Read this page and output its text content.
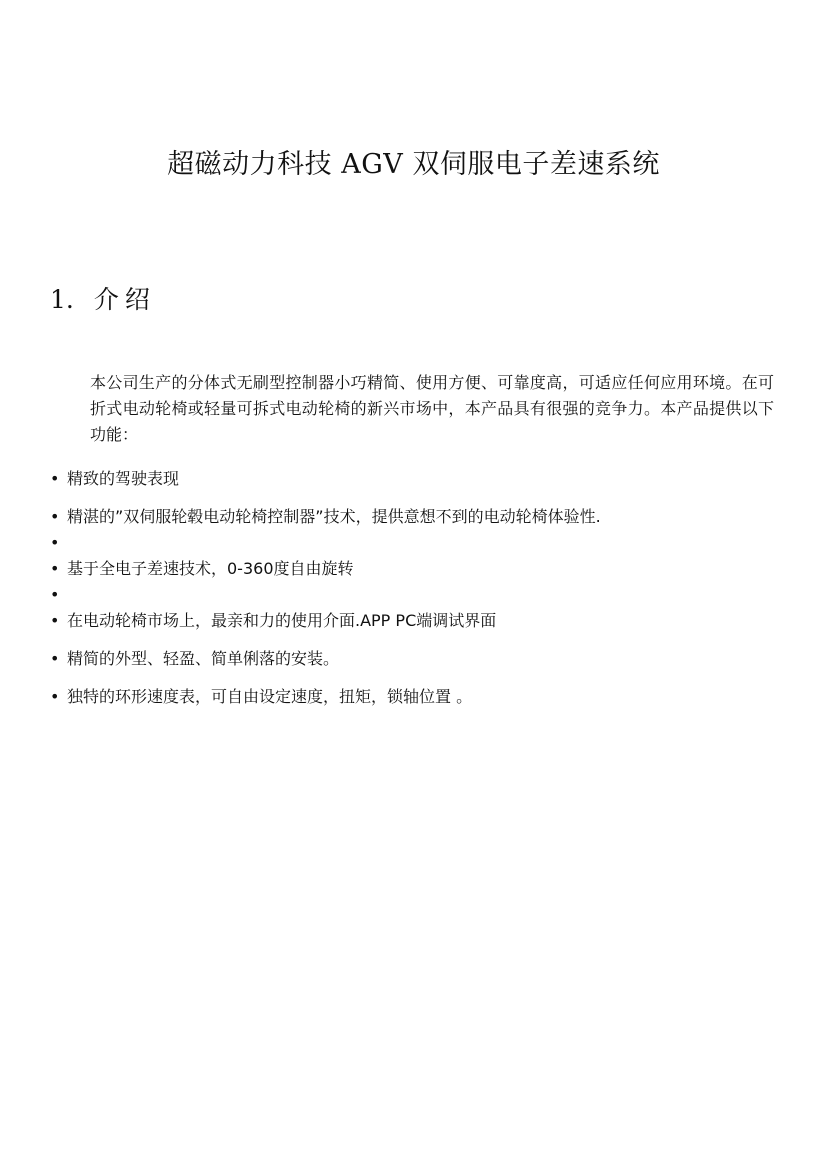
超磁动力科技 AGV 双伺服电子差速系统
1. 介绍

本公司生产的分体式无刷型控制器小巧精简、使用方便、可靠度高，可适应任何应用环境。在可折式电动轮椅或轻量可拆式电动轮椅的新兴市场中，本产品具有很强的竞争力。本产品提供以下功能：

• 精致的驾驶表现
• 精湛的”双伺服轮毂电动轮椅控制器”技术，提供意想不到的电动轮椅体验性.
•
• 基于全电子差速技术，0-360度自由旋转
•
• 在电动轮椅市场上，最亲和力的使用介面.APP PC端调试界面
• 精简的外型、轻盈、简单俐落的安装。
• 独特的环形速度表，可自由设定速度，扭矩，锁轴位置 。
